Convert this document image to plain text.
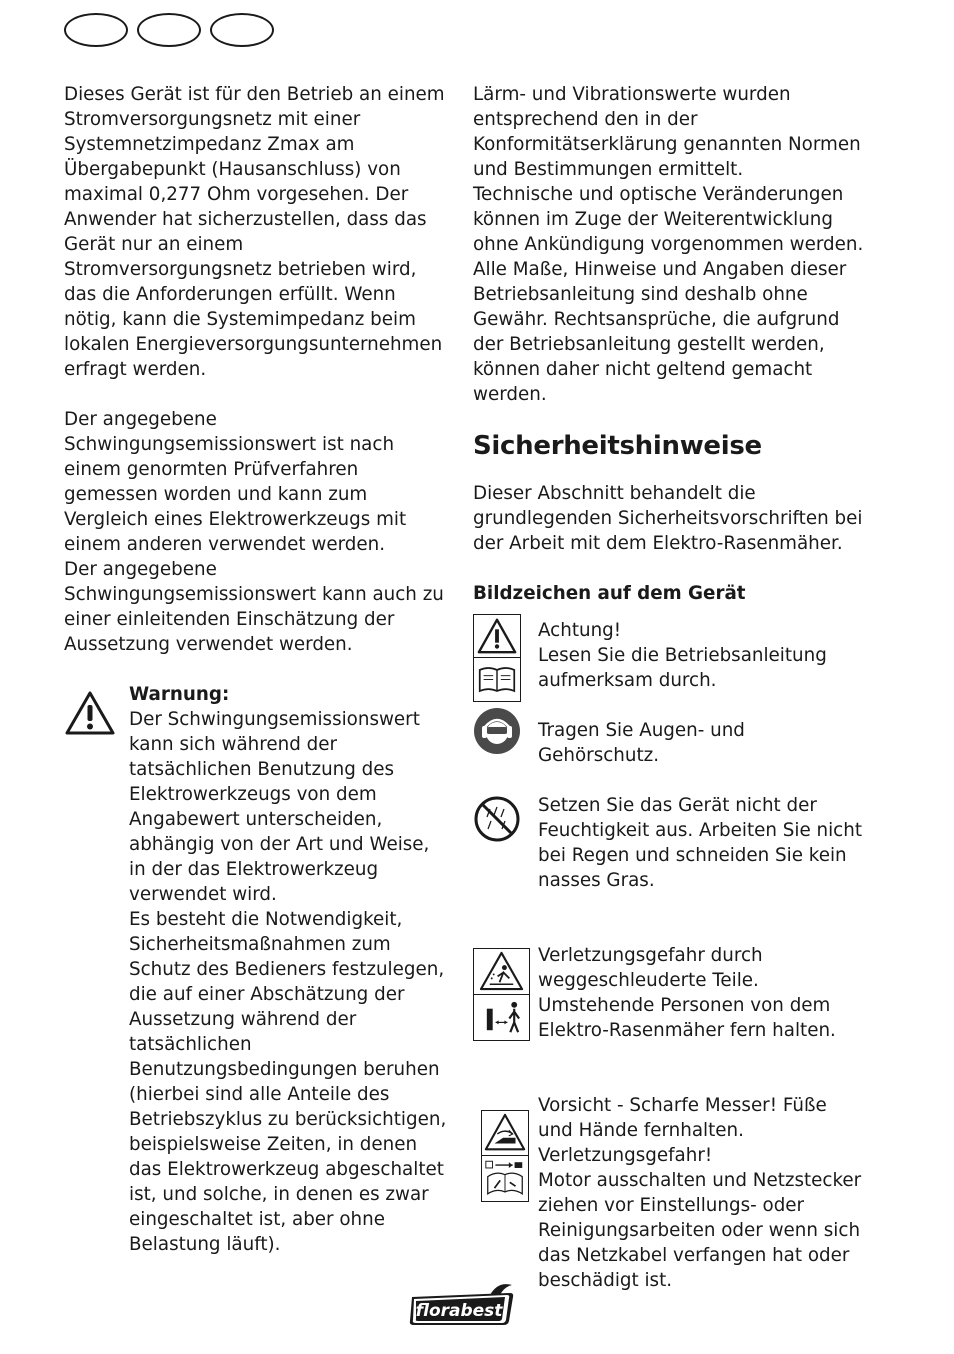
Dieses Gerät ist für den Betrieb an einem Stromversorgungsnetz mit einer Systemnetzimpedanz Zmax am Übergabepunkt (Hausanschluss) von maximal 0,277 Ohm vorgesehen. Der Anwender hat sicherzustellen, dass das Gerät nur an einem Stromversorgungsnetz betrieben wird, das die Anforderungen erfüllt. Wenn nötig, kann die Systemimpedanz beim lokalen Energieversorgungsunternehmen erfragt werden.

Der angegebene Schwingungsemissionswert ist nach einem genormten Prüfverfahren gemessen worden und kann zum Vergleich eines Elektrowerkzeugs mit einem anderen verwendet werden.

Der angegebene Schwingungsemissionswert kann auch zu einer einleitenden Einschätzung der Aussetzung verwendet werden.

Warnung:

Der Schwingungsemissionswert kann sich während der tatsächlichen Benutzung des Elektrowerkzeugs von dem Angabewert unterscheiden, abhängig von der Art und Weise, in der das Elektrowerkzeug verwendet wird.

Es besteht die Notwendigkeit, Sicherheitsmaßnahmen zum Schutz des Bedieners festzulegen, die auf einer Abschätzung der Aussetzung während der tatsächlichen Benutzungsbedingungen beruhen (hierbei sind alle Anteile des Betriebszyklus zu berücksichtigen, beispielsweise Zeiten, in denen das Elektrowerkzeug abgeschaltet ist, und solche, in denen es zwar eingeschaltet ist, aber ohne Belastung läuft).

Lärm- und Vibrationswerte wurden entsprechend den in der Konformitätserklärung genannten Normen und Bestimmungen ermittelt.

Technische und optische Veränderungen können im Zuge der Weiterentwicklung ohne Ankündigung vorgenommen werden. Alle Maße, Hinweise und Angaben dieser Betriebsanleitung sind deshalb ohne Gewähr. Rechtsansprüche, die aufgrund der Betriebsanleitung gestellt werden, können daher nicht geltend gemacht werden.

Sicherheitshinweise

Dieser Abschnitt behandelt die grundlegenden Sicherheitsvorschriften bei der Arbeit mit dem Elektro-Rasenmäher.

Bildzeichen auf dem Gerät

Achtung!

Lesen Sie die Betriebsanleitung aufmerksam durch.

Tragen Sie Augen- und Gehörschutz.

Setzen Sie das Gerät nicht der Feuchtigkeit aus. Arbeiten Sie nicht bei Regen und schneiden Sie kein nasses Gras.

Verletzungsgefahr durch weggeschleuderte Teile.

Umstehende Personen von dem Elektro-Rasenmäher fern halten.

Vorsicht - Scharfe Messer! Füße und Hände fernhalten.

Verletzungsgefahr!

Motor ausschalten und Netzstecker ziehen vor Einstellungs- oder Reinigungsarbeiten oder wenn sich das Netzkabel verfangen hat oder beschädigt ist.

florabest
